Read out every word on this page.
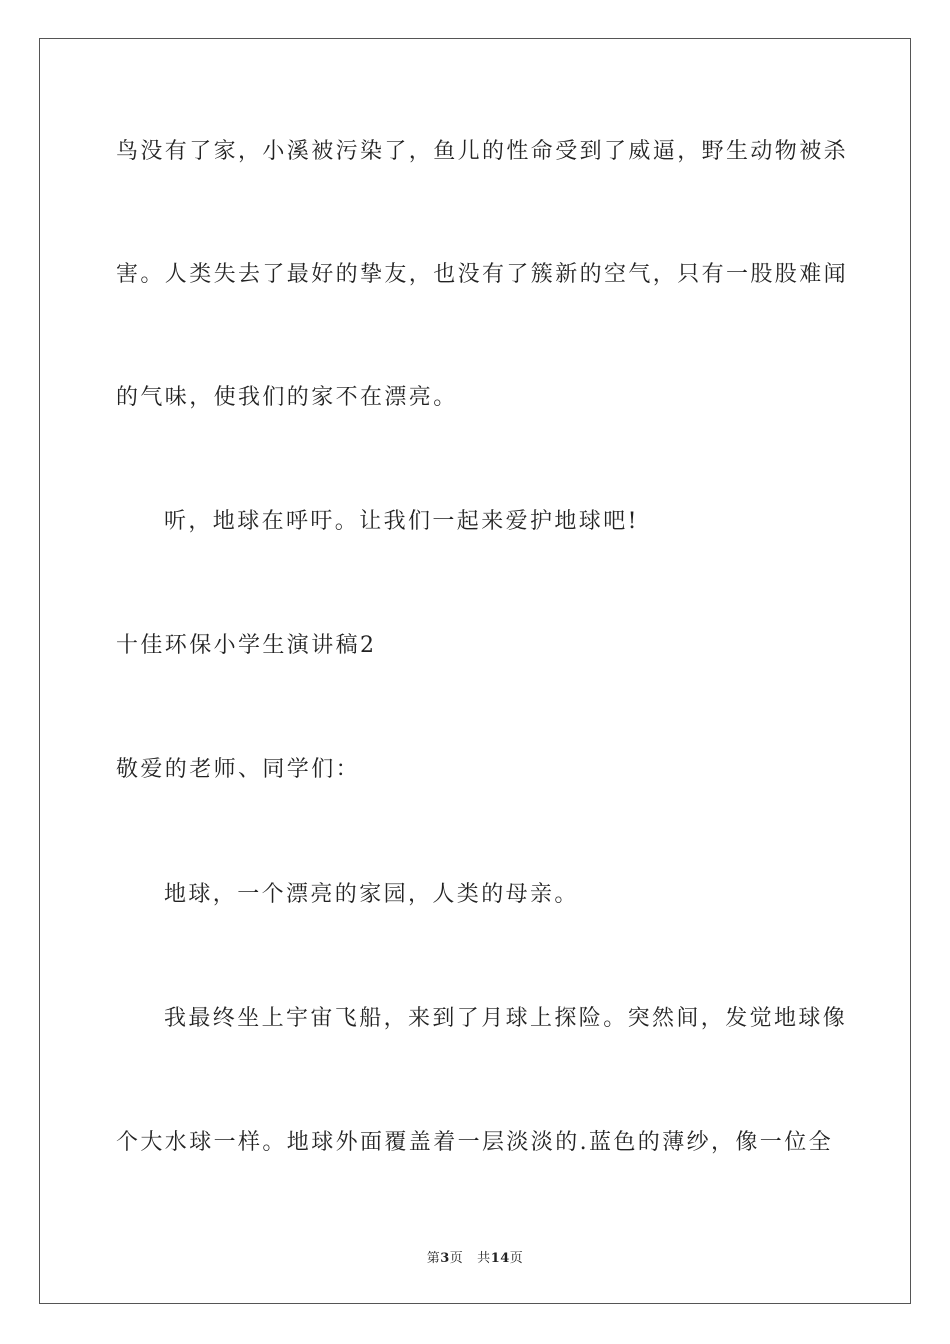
鸟没有了家，小溪被污染了，鱼儿的性命受到了威逼，野生动物被杀
害。人类失去了最好的挚友，也没有了簇新的空气，只有一股股难闻
的气味，使我们的家不在漂亮。
听，地球在呼吁。让我们一起来爱护地球吧!
十佳环保小学生演讲稿2
敬爱的老师、同学们：
地球，一个漂亮的家园，人类的母亲。
我最终坐上宇宙飞船，来到了月球上探险。突然间，发觉地球像
个大水球一样。地球外面覆盖着一层淡淡的.蓝色的薄纱，像一位全
第3页 共14页
